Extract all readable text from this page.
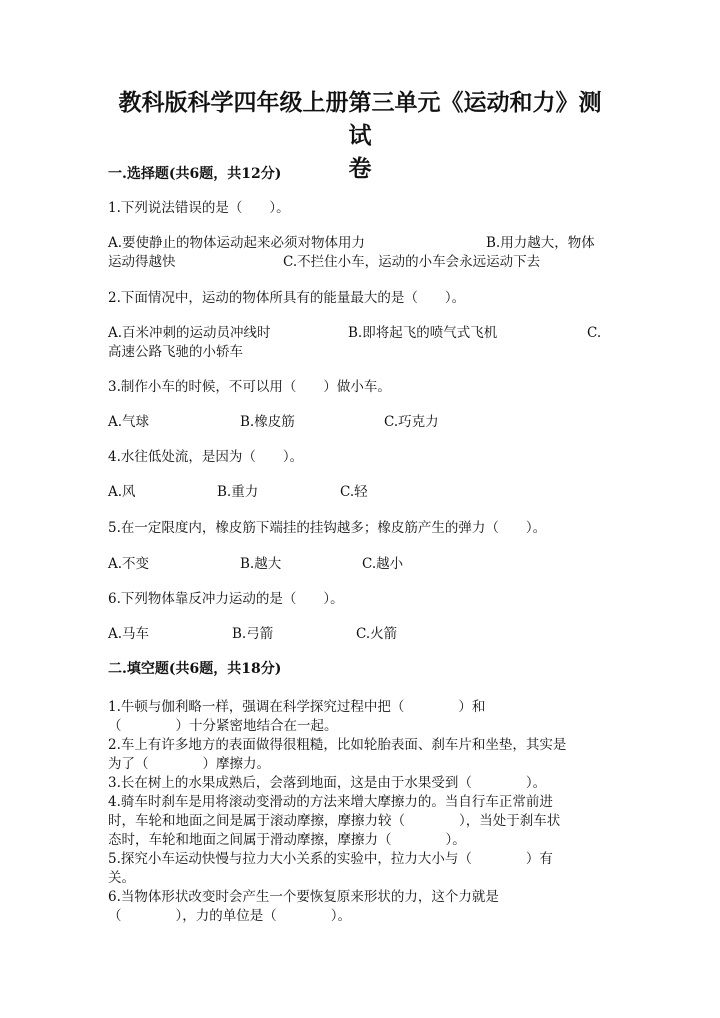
教科版科学四年级上册第三单元《运动和力》测试
卷

一.选择题(共6题，共12分)

1.下列说法错误的是（　　）。

A.要使静止的物体运动起来必须对物体用力	B.用力越大，物体
运动得越快	C.不拦住小车，运动的小车会永远运动下去

2.下面情况中，运动的物体所具有的能量最大的是（　　）。

A.百米冲刺的运动员冲线时	B.即将起飞的喷气式飞机	C.
高速公路飞驰的小轿车

3.制作小车的时候，不可以用（　　）做小车。

A.气球	B.橡皮筋	C.巧克力

4.水往低处流，是因为（　　）。

A.风	B.重力	C.轻

5.在一定限度内，橡皮筋下端挂的挂钩越多；橡皮筋产生的弹力（　　）。

A.不变	B.越大	C.越小

6.下列物体靠反冲力运动的是（　　）。

A.马车	B.弓箭	C.火箭

二.填空题(共6题，共18分)

1.牛顿与伽利略一样，强调在科学探究过程中把（　　　　）和

（　　　　）十分紧密地结合在一起。

2.车上有许多地方的表面做得很粗糙，比如轮胎表面、刹车片和坐垫，其实是

为了（　　　　）摩擦力。

3.长在树上的水果成熟后，会落到地面，这是由于水果受到（　　　　）。

4.骑车时刹车是用将滚动变滑动的方法来增大摩擦力的。当自行车正常前进

时，车轮和地面之间是属于滚动摩擦，摩擦力较（　　　　），当处于刹车状

态时，车轮和地面之间属于滑动摩擦，摩擦力（　　　　）。

5.探究小车运动快慢与拉力大小关系的实验中，拉力大小与（　　　　）有

关。

6.当物体形状改变时会产生一个要恢复原来形状的力，这个力就是

（　　　　），力的单位是（　　　　）。
